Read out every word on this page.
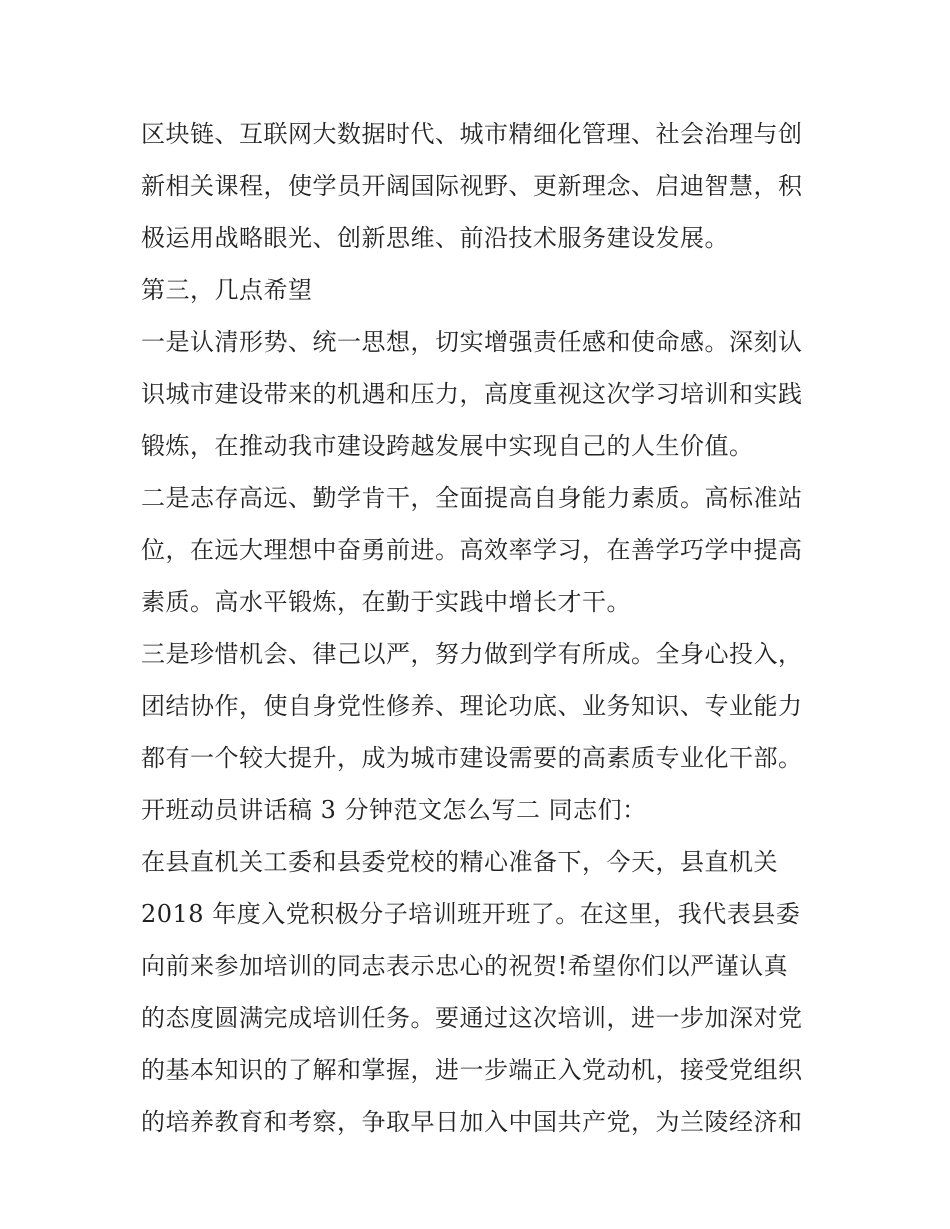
区块链、互联网大数据时代、城市精细化管理、社会治理与创
新相关课程，使学员开阔国际视野、更新理念、启迪智慧，积
极运用战略眼光、创新思维、前沿技术服务建设发展。
第三，几点希望
一是认清形势、统一思想，切实增强责任感和使命感。深刻认
识城市建设带来的机遇和压力，高度重视这次学习培训和实践
锻炼，在推动我市建设跨越发展中实现自己的人生价值。
二是志存高远、勤学肯干，全面提高自身能力素质。高标准站
位，在远大理想中奋勇前进。高效率学习，在善学巧学中提高
素质。高水平锻炼，在勤于实践中增长才干。
三是珍惜机会、律己以严，努力做到学有所成。全身心投入，
团结协作，使自身党性修养、理论功底、业务知识、专业能力
都有一个较大提升，成为城市建设需要的高素质专业化干部。
开班动员讲话稿 3 分钟范文怎么写二 同志们：
在县直机关工委和县委党校的精心准备下，今天，县直机关
2018 年度入党积极分子培训班开班了。在这里，我代表县委
向前来参加培训的同志表示忠心的祝贺!希望你们以严谨认真
的态度圆满完成培训任务。要通过这次培训，进一步加深对党
的基本知识的了解和掌握，进一步端正入党动机，接受党组织
的培养教育和考察，争取早日加入中国共产党，为兰陵经济和
